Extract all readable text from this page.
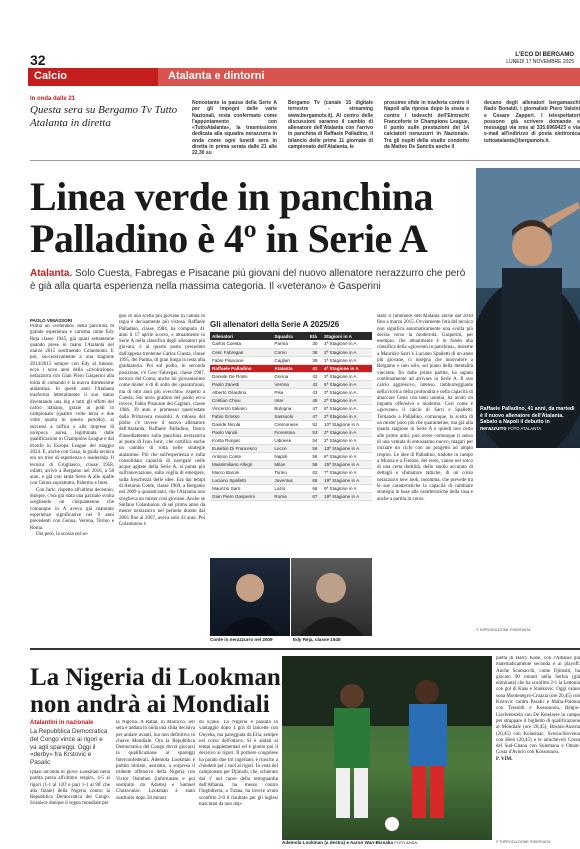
32	L'ECO DI BERGAMO
LUNEDÌ 17 NOVEMBRE 2025
Calcio	Atalanta e dintorni
In onda dalle 21
Questa sera su Bergamo Tv Tutto Atalanta in diretta
Nonostante la pausa della Serie A per gli impegni delle varie Nazionali, resta confermato come l'appuntamento con «TuttoAtalanta», la trasmissione dedicata alla squadra nerazzurra in onda come ogni lunedì sera in diretta in prima serata dalle 21 alle 22,30 su
Bergamo Tv (canale 15 digitale terrestre - streaming www.bergamotv.it). Al centro delle discussioni saranno il cambio di allenatore dell'Atalanta con l'arrivo in panchina di Raffaele Palladino, il bilancio delle prime 11 giornate di campionato dell'Atalanta, le
prossime sfide in trasferta contro il Napoli alla ripresa dopo la sosta e contro i tedeschi dell'Eintracht Francoforte in Champions League, il punto sulle prestazioni dei 14 calciatori nerazzurri in Nazionale. Tra gli ospiti della studio condotto da Matteo De Sanctis anche il
decano degli allenatori bergamaschi Nado Bonaldi, i giornalisti Piero Valsini e Cesare Zapperi. I telespettatori possono già scrivere domande e messaggi via sms al 335.6969423 e via e-mail all'indirizzo di posta elettronica tuttoatalanta@bergamotv.it.
Linea verde in panchina Palladino è 4º in Serie A
Atalanta. Solo Cuesta, Fabregas e Pisacane più giovani del nuovo allenatore nerazzurro che però è già alla quarta esperienza nella massima categoria. Il «veterano» è Gasperini
Raffaele Palladino, 41 anni, da martedì è il nuovo allenatore dell'Atalanta. Sabato a Napoli il debutto in nerazzurro FOTO ATALANTA
PAOLO VIMASSORI

Prima un «veterano» della panchina di grande esperienza e carisma come Edy Reja classe 1945, già quasi settantenne quando prese in mano l'Atalanta nel marzo 2015 sostituendo Colantuono. E poi, successivamente a una stagione 2014/2015 sempre con Edy al timone, ecco i nove anni della «rivoluzione» nerazzurra con Gian Piero Gasperini alla tolda di comando e la nuova dimensione atalantina. In questi anni l'Atalanta trasforma letteralmente il suo status diventando una big a tutti gli effetti del calcio italiano, grazie ai podi in campionato (quattro volte terza e due volte quarta in questo periodo), ai successi a raffica e alle imprese di un'epoca aurea, legittimata dalle qualificazioni in Champions League e dal trionfo in Europa League del maggio 2024. E, anche con Gasp, la guida tecnica era un trise di esperienza e leadership. Il tecnico di Grugliasco, classe 1958, infatti, arrivò a Bergamo nel 2016, a 58 anni, e già con tanta Serie A alle spalle con Genoa soprattutto, Palermo e Inter.

Con Juric, rispetto all'ultimo decennio, dunque, c'era già stata una parziale svolta scegliendo un cinquantenne che comunque in A aveva già maturato esperienze significative nei 9 anni precedenti con Genoa, Verona, Torino e Roma.

Ora però, la scossa nel se-

gno di una scelta più giovane in cabina di regia è decisamente più vistosa. Raffaele Palladino, classe 1984, ha compiuto 41 anni il 17 aprile scorso, e attualmente in Serie A nella classifica degli allenatori più giovani, è al quarto posto preceduto dall'appena trentenne Carlos Cuesta, classe 1995, del Parma, di gran lunga in testa alla graduatoria. Poi sul podio, in seconda posizione, c'è Cesc Fabregas, classe 1987, tecnico del Como, anche lui giovanissimo come mister e di di sotto dei quarant'anni, ma di otto anni più «vecchio» rispetto a Cuesta. Sul terzo gradino del podio ecco invece, Fabio Pisacane del Cagliari, classe 1986, 39 anni e promesso quest'estate dalla Primavera rossoblù. A ridosso del podio c'è invece il nuovo allenatore dell'Atalanta, Raffaele Palladino, fresco d'insediamento sulla panchina nerazzurra al posto di Ivan Juric, che certifica anche un cambio di rotta nelle strategie atalantine. Più che sull'esperienza e sulla consolidata capacità di navigare nelle acque agitate della Serie A, si punta più sull'innovazione, sulla voglia di emergere, sulla freschezza delle idee. Era dai tempi di Antonio Conte, classe 1969, a Bergamo nel 2009 a quarant'anni, che l'Atalanta non sceglieva un mister così giovane. Anche se Stefano Colantuono, di sei primo anno da mister nerazzurro nel periodo durato dal 2005 fino al 2007, aveva solo 43 anni. Poi Colantuono è
Gli allenatori della Serie A 2025/26
Allenatori	Squadra	Età	Stagioni in A
Carlos Cuesta	Parma	30	1ª Stagione in A
Cesc Fabregas	Como	38	2ª Stagione in A
Fabio Pisacane	Cagliari	39	1ª Stagione in A
Raffaele Palladino	Atalanta	41	4ª Stagione in A
Daniele De Rossi	Genoa	42	3ª Stagione in A
Paolo Zanetti	Verona	42	5ª Stagione in A
Alberto Gilardino	Pisa	43	3ª Stagione in A
Cristian Chivu	Inter	45	2ª Stagione in A
Vincenzo Italiano	Bologna	47	6ª Stagione in A
Fabio Grosso	Sassuolo	47	2ª Stagione in A
Davide Nicola	Cremonese	52	10ª Stagione in A
Paolo Vanoli	Fiorentina	53	2ª Stagione in A
Kosta Runjaic	Udinese	54	2ª Stagione in A
Eusebio Di Francesco	Lecce	56	13ª Stagione in A
Antonio Conte	Napoli	56	8ª Stagione in A
Massimiliano Allegri	Milan	58	15ª Stagione in A
Marco Baroni	Torino	62	7ª Stagione in A
Luciano Spalletti	Juventus	66	19ª Stagione in A
Maurizio Sarri	Lazio	66	9ª Stagione in A
Gian Piero Gasperini	Roma	67	19ª Stagione in A
Conte in nerazzurro nel 2009	Edy Reja, classe 1945
stato il timoniere dell'Atalanta anche dal 2010 fino a marzo 2015. Ovviamente l'età del tecnico non significa automaticamente una svolta più decisa verso la modernità. Gasperini, per esempio, che attualmente è in fondo alla classifica della «gioventù in panchina», insieme a Maurizio Sarri e Luciano Spalletti di un anno più giovane, ci insegna che innovatore a Bergamo e non solo, sul piano della mentalità vincente, fin dalle prime partite, ha saputo continuamente ad arrivare in Serie A. Il suo calcio aggressivo, intenso, tamburreggiante nella ricerca della profondità e nella capacità di attaccare l'area con tanti uomini, ha avuto un impatto offensivo e moderno. Così come è «giovane» il calcio di Sarri e Spalletti. Tornando a Palladino, comunque, la scelta di un mister poco più che quarantenne, ma già alla quarta stagione in Serie A e quindi non certo alle prime armi, può avere comunque il senso di una ventata di entusiasmo nuovo, magari per iniziare un ciclo con un progetto ad ampio respiro. Le idee di Palladino, tradotte in campo a Monza e a Firenze, del resto, vanno nel solco di una certa duttilità, dello studio accurato di dettagli e sfumature tattiche, di un corso nerazzurro new look, insomma, che prevede tra le sue caratteristiche la capacità di cambiare strategia in base alle caratteristiche della rosa e anche a partita in corso.
© RIPRODUZIONE RISERVATA
La Nigeria di Lookman non andrà ai Mondiali
Atalantini in nazionale
La Repubblica Democratica del Congo vince ai rigori e va agli spareggi. Oggi il «derby» fra Krstovic e Pasalic
Quasi un'onda di giove Lookman nella partita persa all'ultimo respiro, 4-5 ai rigori (1-1 al 120' e pari 1-1 al 90' che alla finale) della Nigeria contro la Repubblica Democratica del Congo. Svanisce dunque il sogno mondiale per
la Nigeria. A Rabat, in Marocco, ieri sera è andata in onda una sfida decisiva per andare avanti, ma non definitiva in chiave Mondiale. Ora la Repubblica Democratica del Congo dovrà giocarsi la qualificazione ai spareggi Interconfederali. Ademola Lookman è partito titolare, assistito, a sorpresa il tridente offensivo della Nigeria con Victor Osimhen (infortunato e poi sostituito da Adams) e Samuel Chukwueze. Lookman è stato sostituito dopo 58 minuti
da Ejuke. La Nigeria è passata in vantaggio dopo 4 giri di lancette con Onyeka, ma pareggiata da Elia, sempre nel corso dell'ottavo. Si è andati ai tempi supplementari ed è giunto poi il decisivo ai rigori. Il portiere congolese ha parato due tiri nigeriani, è riuscito a chiudere per i suoi ai rigori. In vista del campionato per Djimsiti, che, schierato dal 1' nel cuore della retroguardia dell'Albania, ha messo contro l'Inghilterra, a Tirana, ha invece avuto sconfitto 2-0 il risultato per gli inglesi trascinati da uno dop-
Ademola Lookman (a destra) e Aaron Wan-Bissaka FOTO ANSA

pietta di Harry Kane, con l'Albania già matematicamente seconda e ai playoff. Anche Scamacchi, come Djimsiti, ha giocato 90 minuti nella Serbia (già eliminata) che ha sconfitto 2-1 la Lettonia con gol di Kaas e Stankovic. Oggi vanno sona Montenegro-Croazia (ore 20,45) con Krstovic contro Pasalic e Malta-Polonia con Tresoldi e Kossounou, Belgio-Liechtenstein con De Ketelaere in campo per strappare il biglietto di qualificazione al Mondiale (ore 20,45), Bosnia-Austria (20,45) con Kolasinac, Svezia-Slovenia con Hien (20,45) e le amichevoli Corea del Sud-Ghana con Sulemana e Oman-Costa d'Avorio con Kossounou.

P. VIM.

© RIPRODUZIONE RISERVATA
